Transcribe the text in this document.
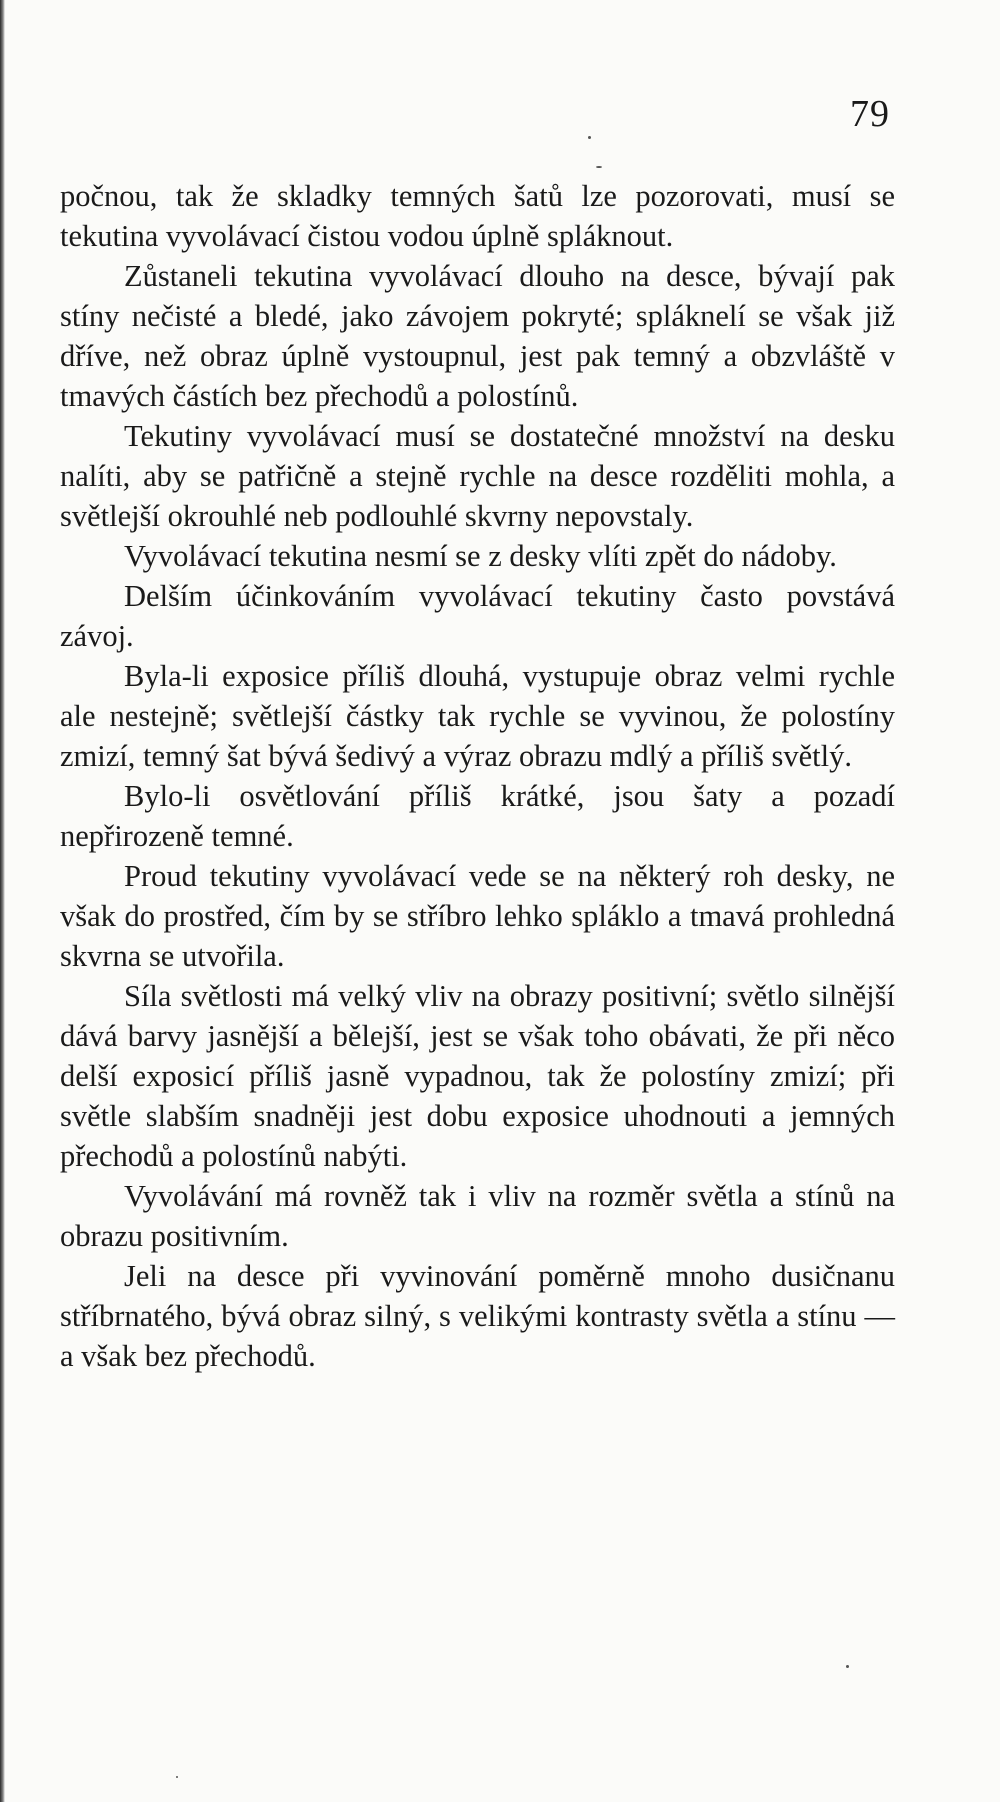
79

počnou, tak že skladky temných šatů lze pozorovati, musí se tekutina vyvolávací čistou vodou úplně spláknout.

Zůstaneli tekutina vyvolávací dlouho na desce, bývají pak stíny nečisté a bledé, jako závojem pokryté; spláknelí se však již dříve, než obraz úplně vystoupnul, jest pak temný a obzvláště v tmavých částích bez přechodů a polostínů.

Tekutiny vyvolávací musí se dostatečné množství na desku nalíti, aby se patřičně a stejně rychle na desce rozděliti mohla, a světlejší okrouhlé neb podlouhlé skvrny nepovstaly.

Vyvolávací tekutina nesmí se z desky vlíti zpět do nádoby.

Delším účinkováním vyvolávací tekutiny často povstává závoj.

Byla-li exposice příliš dlouhá, vystupuje obraz velmi rychle ale nestejně; světlejší částky tak rychle se vyvinou, že polostíny zmizí, temný šat bývá šedivý a výraz obrazu mdlý a příliš světlý.

Bylo-li osvětlování příliš krátké, jsou šaty a pozadí nepřirozeně temné.

Proud tekutiny vyvolávací vede se na některý roh desky, ne však do prostřed, čím by se stříbro lehko spláklo a tmavá prohledná skvrna se utvořila.

Síla světlosti má velký vliv na obrazy positivní; světlo silnější dává barvy jasnější a bělejší, jest se však toho obávati, že při něco delší exposicí příliš jasně vypadnou, tak že polostíny zmizí; při světle slabším snadněji jest dobu exposice uhodnouti a jemných přechodů a polostínů nabýti.

Vyvolávání má rovněž tak i vliv na rozměr světla a stínů na obrazu positivním.

Jeli na desce při vyvinování poměrně mnoho dusičnanu stříbrnatého, bývá obraz silný, s velikými kontrasty světla a stínu — a však bez přechodů.
